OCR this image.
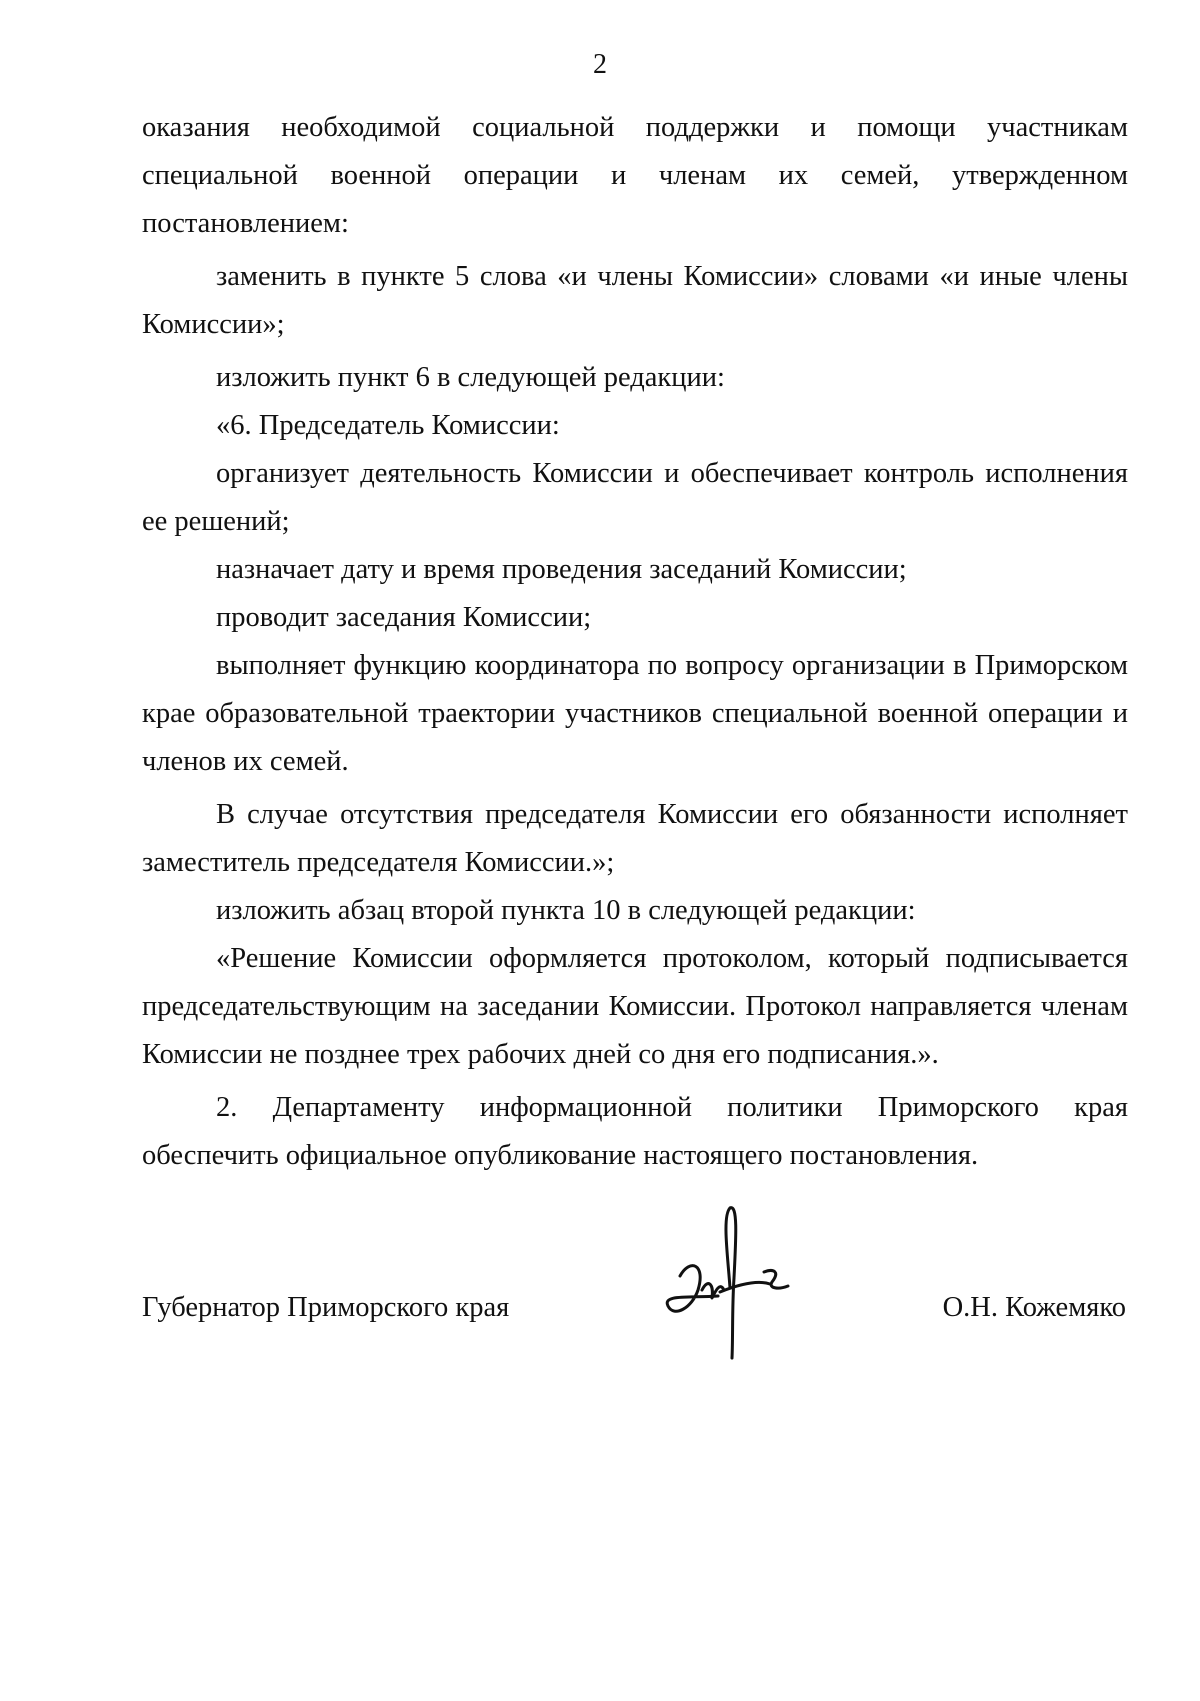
2

оказания необходимой социальной поддержки и помощи участникам специальной военной операции и членам их семей, утвержденном постановлением:

заменить в пункте 5 слова «и члены Комиссии» словами «и иные члены Комиссии»;

изложить пункт 6 в следующей редакции:

«6. Председатель Комиссии:

организует деятельность Комиссии и обеспечивает контроль исполнения ее решений;

назначает дату и время проведения заседаний Комиссии;

проводит заседания Комиссии;

выполняет функцию координатора по вопросу организации в Приморском крае образовательной траектории участников специальной военной операции и членов их семей.

В случае отсутствия председателя Комиссии его обязанности исполняет заместитель председателя Комиссии.»;

изложить абзац второй пункта 10 в следующей редакции:

«Решение Комиссии оформляется протоколом, который подписывается председательствующим на заседании Комиссии. Протокол направляется членам Комиссии не позднее трех рабочих дней со дня его подписания.».

2. Департаменту информационной политики Приморского края обеспечить официальное опубликование настоящего постановления.

Губернатор Приморского края	О.Н. Кожемяко
